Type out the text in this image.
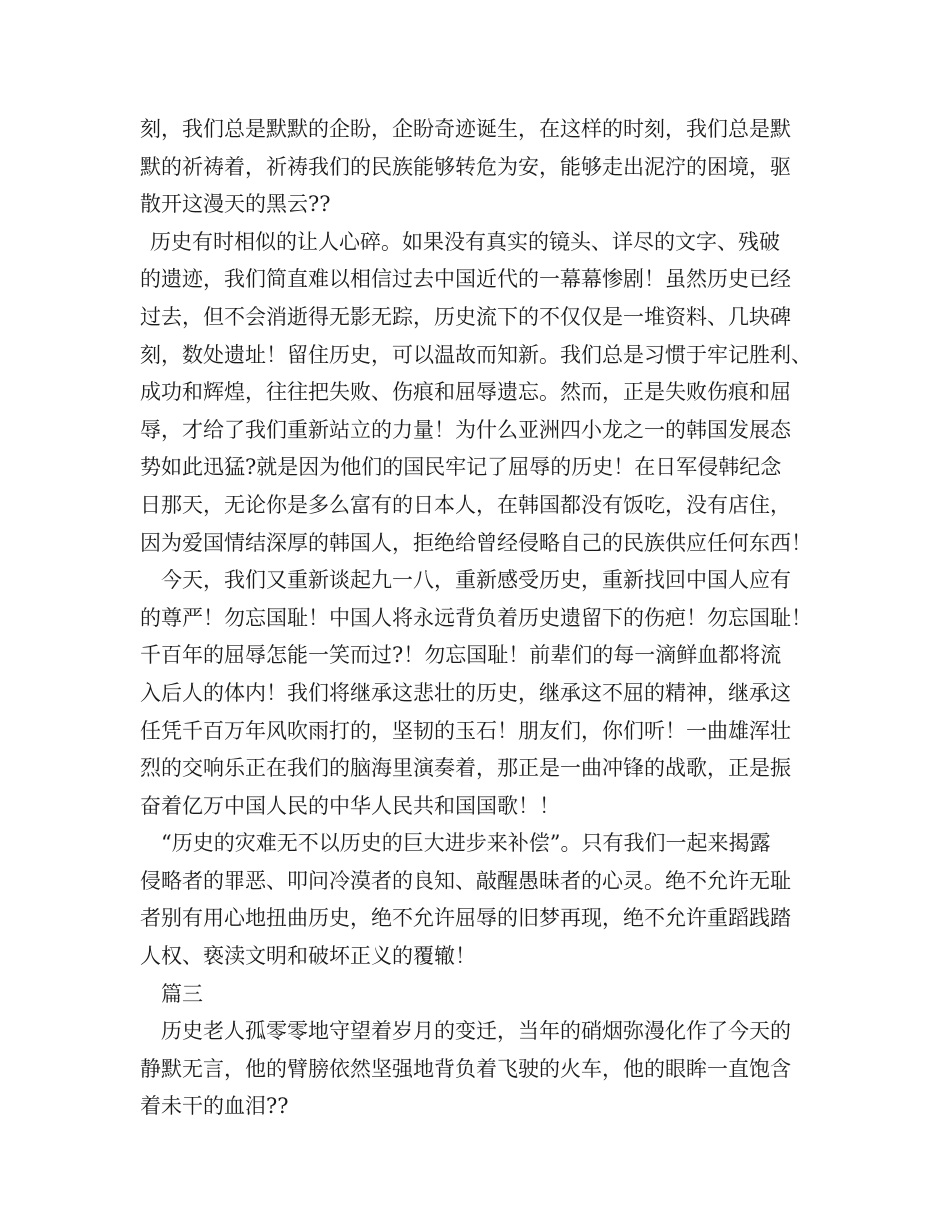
刻，我们总是默默的企盼，企盼奇迹诞生，在这样的时刻，我们总是默
默的祈祷着，祈祷我们的民族能够转危为安，能够走出泥泞的困境，驱
散开这漫天的黑云??
历史有时相似的让人心碎。如果没有真实的镜头、详尽的文字、残破
的遗迹，我们简直难以相信过去中国近代的一幕幕惨剧！虽然历史已经
过去，但不会消逝得无影无踪，历史流下的不仅仅是一堆资料、几块碑
刻，数处遗址！留住历史，可以温故而知新。我们总是习惯于牢记胜利、
成功和辉煌，往往把失败、伤痕和屈辱遗忘。然而，正是失败伤痕和屈
辱，才给了我们重新站立的力量！为什么亚洲四小龙之一的韩国发展态
势如此迅猛?就是因为他们的国民牢记了屈辱的历史！在日军侵韩纪念
日那天，无论你是多么富有的日本人，在韩国都没有饭吃，没有店住，
因为爱国情结深厚的韩国人，拒绝给曾经侵略自己的民族供应任何东西！
今天，我们又重新谈起九一八，重新感受历史，重新找回中国人应有
的尊严！勿忘国耻！中国人将永远背负着历史遗留下的伤疤！勿忘国耻！
千百年的屈辱怎能一笑而过?！勿忘国耻！前辈们的每一滴鲜血都将流
入后人的体内！我们将继承这悲壮的历史，继承这不屈的精神，继承这
任凭千百万年风吹雨打的，坚韧的玉石！朋友们，你们听！一曲雄浑壮
烈的交响乐正在我们的脑海里演奏着，那正是一曲冲锋的战歌，正是振
奋着亿万中国人民的中华人民共和国国歌！！
“历史的灾难无不以历史的巨大进步来补偿”。只有我们一起来揭露
侵略者的罪恶、叩问冷漠者的良知、敲醒愚昧者的心灵。绝不允许无耻
者别有用心地扭曲历史，绝不允许屈辱的旧梦再现，绝不允许重蹈践踏
人权、亵渎文明和破坏正义的覆辙！
篇三
历史老人孤零零地守望着岁月的变迁，当年的硝烟弥漫化作了今天的
静默无言，他的臂膀依然坚强地背负着飞驶的火车，他的眼眸一直饱含
着未干的血泪??
